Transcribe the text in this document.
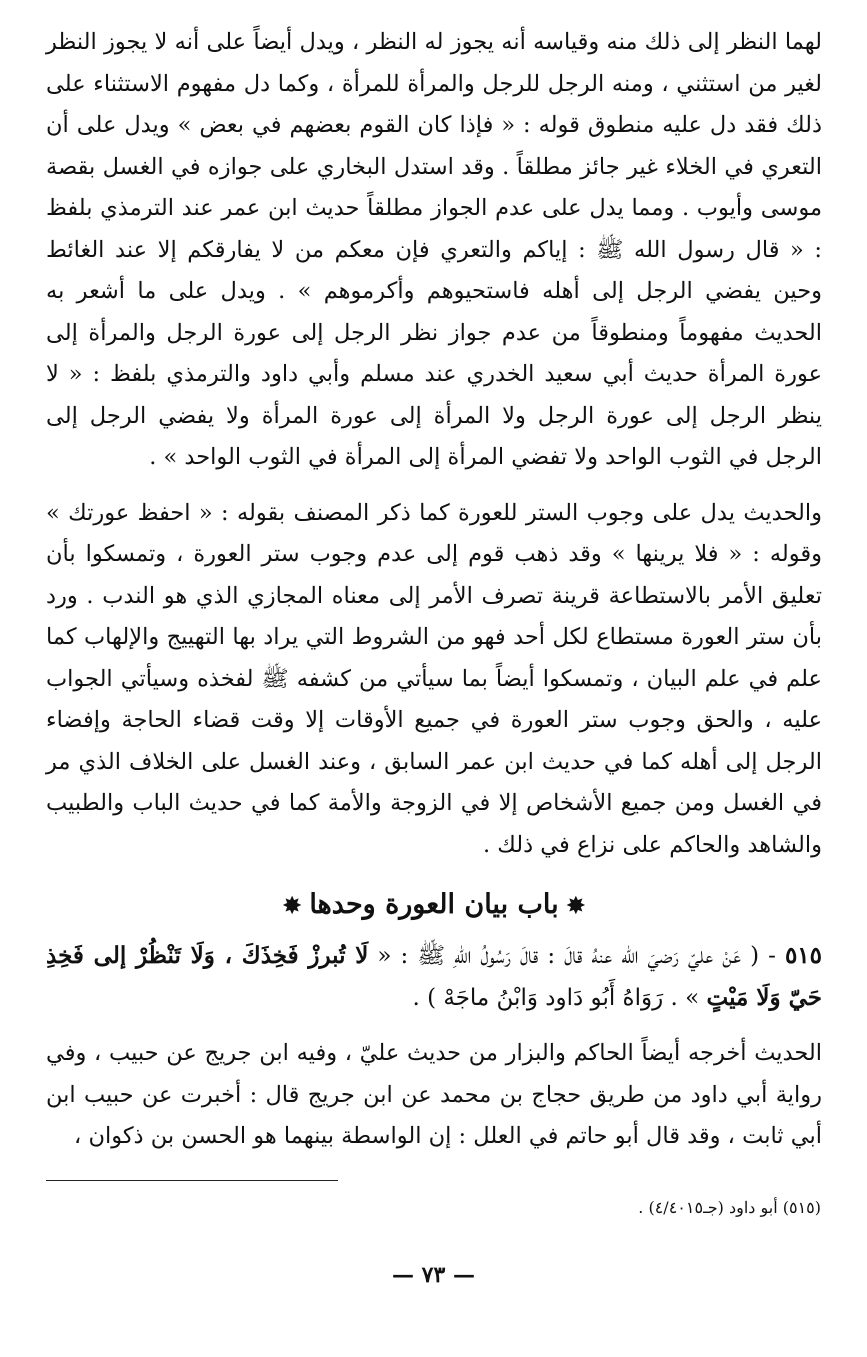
لهما النظر إلى ذلك منه وقياسه أنه يجوز له النظر ، ويدل أيضاً على أنه لا يجوز النظر لغير من استثني ، ومنه الرجل للرجل والمرأة للمرأة ، وكما دل مفهوم الاستثناء على ذلك فقد دل عليه منطوق قوله : « فإذا كان القوم بعضهم في بعض » ويدل على أن التعري في الخلاء غير جائز مطلقاً . وقد استدل البخاري على جوازه في الغسل بقصة موسى وأيوب . ومما يدل على عدم الجواز مطلقاً حديث ابن عمر عند الترمذي بلفظ : « قال رسول الله ﷺ : إياكم والتعري فإن معكم من لا يفارقكم إلا عند الغائط وحين يفضي الرجل إلى أهله فاستحيوهم وأكرموهم » . ويدل على ما أشعر به الحديث مفهوماً ومنطوقاً من عدم جواز نظر الرجل إلى عورة الرجل والمرأة إلى عورة المرأة حديث أبي سعيد الخدري عند مسلم وأبي داود والترمذي بلفظ : « لا ينظر الرجل إلى عورة الرجل ولا المرأة إلى عورة المرأة ولا يفضي الرجل إلى الرجل في الثوب الواحد ولا تفضي المرأة إلى المرأة في الثوب الواحد » .

والحديث يدل على وجوب الستر للعورة كما ذكر المصنف بقوله : « احفظ عورتك » وقوله : « فلا يرينها » وقد ذهب قوم إلى عدم وجوب ستر العورة ، وتمسكوا بأن تعليق الأمر بالاستطاعة قرينة تصرف الأمر إلى معناه المجازي الذي هو الندب . ورد بأن ستر العورة مستطاع لكل أحد فهو من الشروط التي يراد بها التهييج والإلهاب كما علم في علم البيان ، وتمسكوا أيضاً بما سيأتي من كشفه ﷺ لفخذه وسيأتي الجواب عليه ، والحق وجوب ستر العورة في جميع الأوقات إلا وقت قضاء الحاجة وإفضاء الرجل إلى أهله كما في حديث ابن عمر السابق ، وعند الغسل على الخلاف الذي مر في الغسل ومن جميع الأشخاص إلا في الزوجة والأمة كما في حديث الباب والطبيب والشاهد والحاكم على نزاع في ذلك .

✸باب بيان العورة وحدها✸

٥١٥ - ( عَنْ عليّ رَضيَ الله عنهُ قالَ : قالَ رَسُولُ اللّهِ ﷺ : « لَا تُبرزْ فَخِذَكَ ، وَلَا تَنْظُرْ إلى فَخِذِ حَيّ وَلَا مَيْتٍ » . رَوَاهُ أَبُو دَاود وَابْنُ ماجَهْ ) .

الحديث أخرجه أيضاً الحاكم والبزار من حديث عليّ ، وفيه ابن جريج عن حبيب ، وفي رواية أبي داود من طريق حجاج بن محمد عن ابن جريج قال : أخبرت عن حبيب ابن أبي ثابت ، وقد قال أبو حاتم في العلل : إن الواسطة بينهما هو الحسن بن ذكوان ،

(٥١٥) أبو داود (جـ٤/٤٠١٥) .
— ٧٣ —
